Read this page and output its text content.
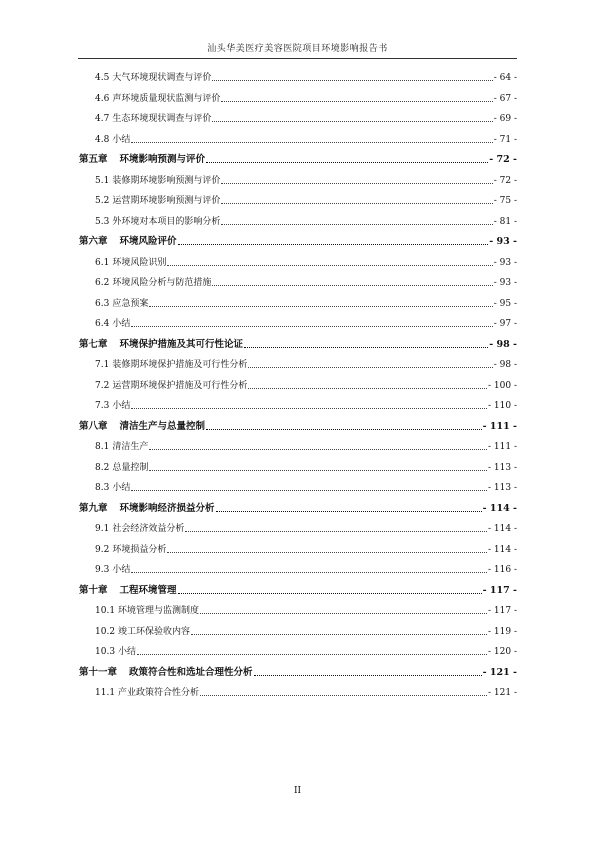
汕头华美医疗美容医院项目环境影响报告书
4.5 大气环境现状调查与评价	- 64 -
4.6 声环境质量现状监测与评价	- 67 -
4.7 生态环境现状调查与评价	- 69 -
4.8 小结	- 71 -
第五章 环境影响预测与评价	- 72 -
5.1 装修期环境影响预测与评价	- 72 -
5.2 运营期环境影响预测与评价	- 75 -
5.3 外环境对本项目的影响分析	- 81 -
第六章 环境风险评价	- 93 -
6.1 环境风险识别	- 93 -
6.2 环境风险分析与防范措施	- 93 -
6.3 应急预案	- 95 -
6.4 小结	- 97 -
第七章 环境保护措施及其可行性论证	- 98 -
7.1 装修期环境保护措施及可行性分析	- 98 -
7.2 运营期环境保护措施及可行性分析	- 100 -
7.3 小结	- 110 -
第八章 清洁生产与总量控制	- 111 -
8.1 清洁生产	- 111 -
8.2 总量控制	- 113 -
8.3 小结	- 113 -
第九章 环境影响经济损益分析	- 114 -
9.1 社会经济效益分析	- 114 -
9.2 环境损益分析	- 114 -
9.3 小结	- 116 -
第十章 工程环境管理	- 117 -
10.1 环境管理与监测制度	- 117 -
10.2 竣工环保验收内容	- 119 -
10.3 小结	- 120 -
第十一章 政策符合性和选址合理性分析	- 121 -
11.1 产业政策符合性分析	- 121 -
II
